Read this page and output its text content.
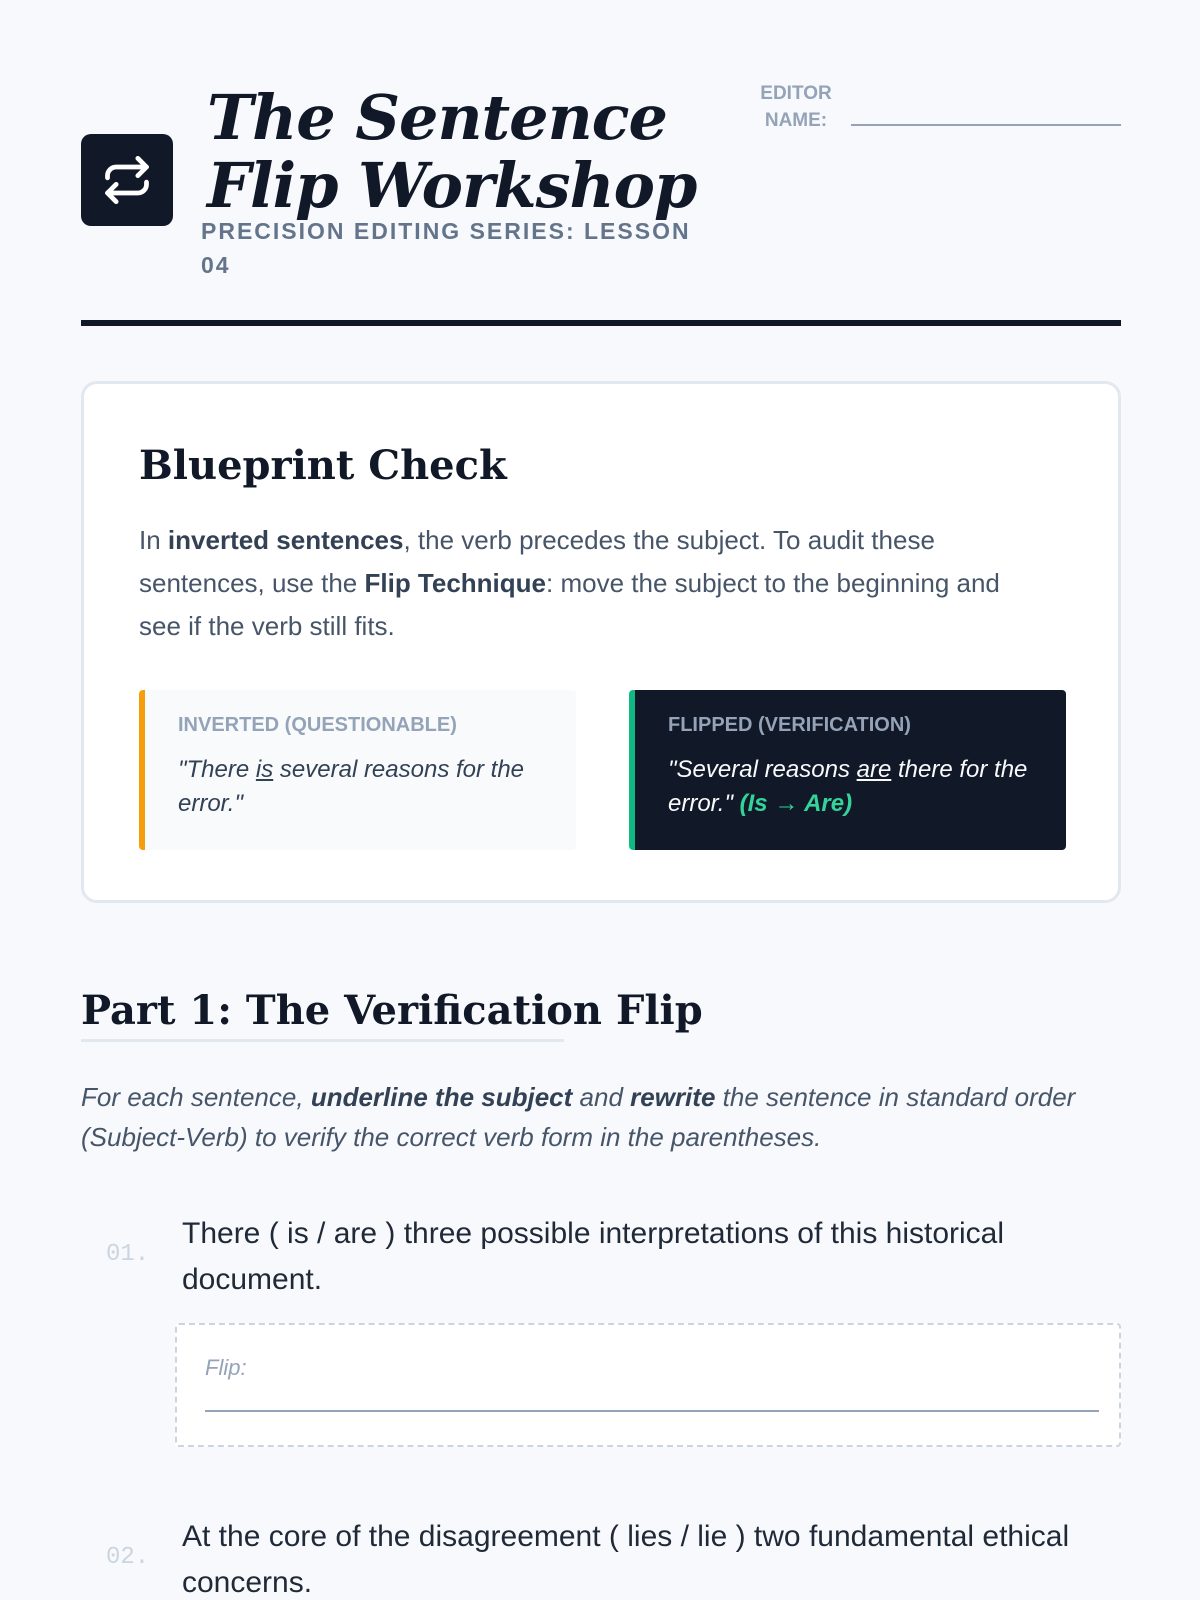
The Sentence Flip Workshop
PRECISION EDITING SERIES: LESSON 04
EDITOR NAME:
Blueprint Check

In inverted sentences, the verb precedes the subject. To audit these sentences, use the Flip Technique: move the subject to the beginning and see if the verb still fits.

INVERTED (QUESTIONABLE)
"There is several reasons for the error."
FLIPPED (VERIFICATION)
"Several reasons are there for the error." (Is → Are)
Part 1: The Verification Flip

For each sentence, underline the subject and rewrite the sentence in standard order (Subject-Verb) to verify the correct verb form in the parentheses.

01.
There ( is / are ) three possible interpretations of this historical document.
Flip:
02.
At the core of the disagreement ( lies / lie ) two fundamental ethical concerns.
